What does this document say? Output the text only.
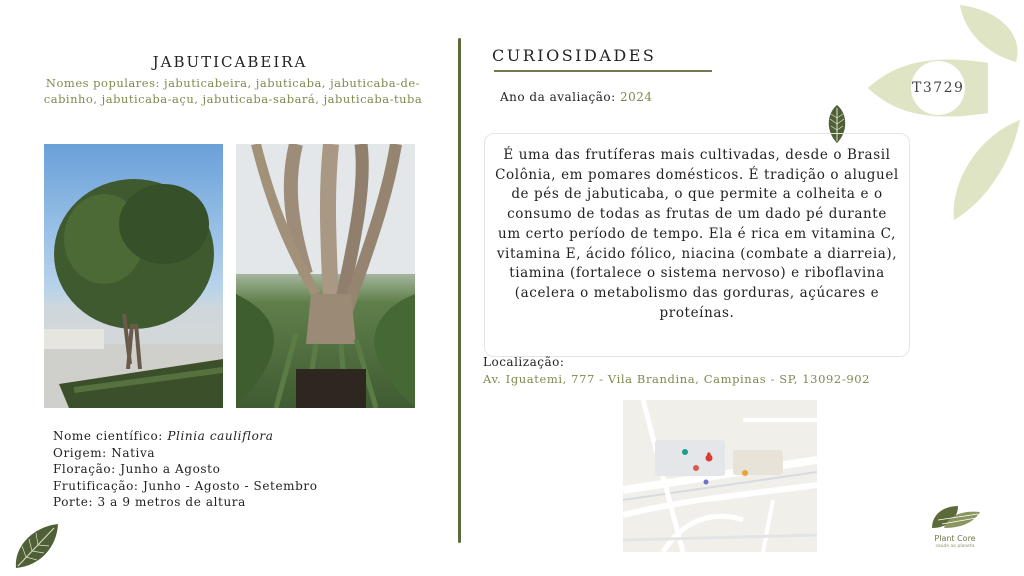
T3729
JABUTICABEIRA
Nomes populares: jabuticabeira, jabuticaba, jabuticaba-de-cabinho, jabuticaba-açu, jabuticaba-sabará, jabuticaba-tuba
Nome científico: Plinia cauliflora
Origem: Nativa
Floração: Junho a Agosto
Frutificação: Junho - Agosto - Setembro
Porte: 3 a 9 metros de altura
CURIOSIDADES
Ano da avaliação: 2024
É uma das frutíferas mais cultivadas, desde o Brasil Colônia, em pomares domésticos. É tradição o aluguel de pés de jabuticaba, o que permite a colheita e o consumo de todas as frutas de um dado pé durante um certo período de tempo. Ela é rica em vitamina C, vitamina E, ácido fólico, niacina (combate a diarreia), tiamina (fortalece o sistema nervoso) e riboflavina (acelera o metabolismo das gorduras, açúcares e proteínas.
Localização:
Av. Iguatemi, 777 - Vila Brandina, Campinas - SP, 13092-902
Plant Core
saúde ao planeta
